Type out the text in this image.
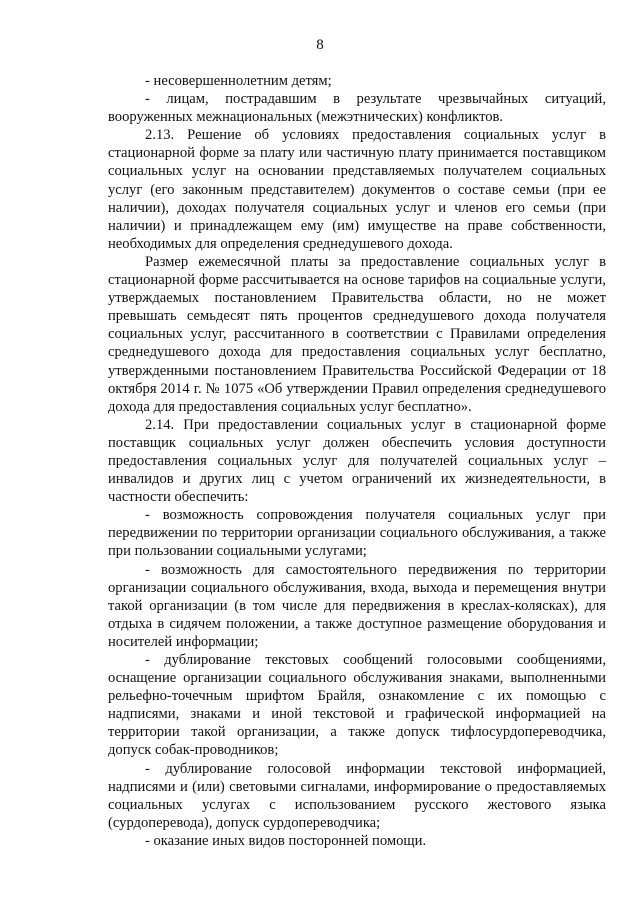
8

- несовершеннолетним детям;

- лицам, пострадавшим в результате чрезвычайных ситуаций, вооруженных межнациональных (межэтнических) конфликтов.

2.13. Решение об условиях предоставления социальных услуг в стационарной форме за плату или частичную плату принимается поставщиком социальных услуг на основании представляемых получателем социальных услуг (его законным представителем) документов о составе семьи (при ее наличии), доходах получателя социальных услуг и членов его семьи (при наличии) и принадлежащем ему (им) имуществе на праве собственности, необходимых для определения среднедушевого дохода.

Размер ежемесячной платы за предоставление социальных услуг в стационарной форме рассчитывается на основе тарифов на социальные услуги, утверждаемых постановлением Правительства области, но не может превышать семьдесят пять процентов среднедушевого дохода получателя социальных услуг, рассчитанного в соответствии с Правилами определения среднедушевого дохода для предоставления социальных услуг бесплатно, утвержденными постановлением Правительства Российской Федерации от 18 октября 2014 г. № 1075 «Об утверждении Правил определения среднедушевого дохода для предоставления социальных услуг бесплатно».

2.14. При предоставлении социальных услуг в стационарной форме поставщик социальных услуг должен обеспечить условия доступности предоставления социальных услуг для получателей социальных услуг – инвалидов и других лиц с учетом ограничений их жизнедеятельности, в частности обеспечить:

- возможность сопровождения получателя социальных услуг при передвижении по территории организации социального обслуживания, а также при пользовании социальными услугами;

- возможность для самостоятельного передвижения по территории организации социального обслуживания, входа, выхода и перемещения внутри такой организации (в том числе для передвижения в креслах-колясках), для отдыха в сидячем положении, а также доступное размещение оборудования и носителей информации;

- дублирование текстовых сообщений голосовыми сообщениями, оснащение организации социального обслуживания знаками, выполненными рельефно-точечным шрифтом Брайля, ознакомление с их помощью с надписями, знаками и иной текстовой и графической информацией на территории такой организации, а также допуск тифлосурдопереводчика, допуск собак-проводников;

- дублирование голосовой информации текстовой информацией, надписями и (или) световыми сигналами, информирование о предоставляемых социальных услугах с использованием русского жестового языка (сурдоперевода), допуск сурдопереводчика;

- оказание иных видов посторонней помощи.
